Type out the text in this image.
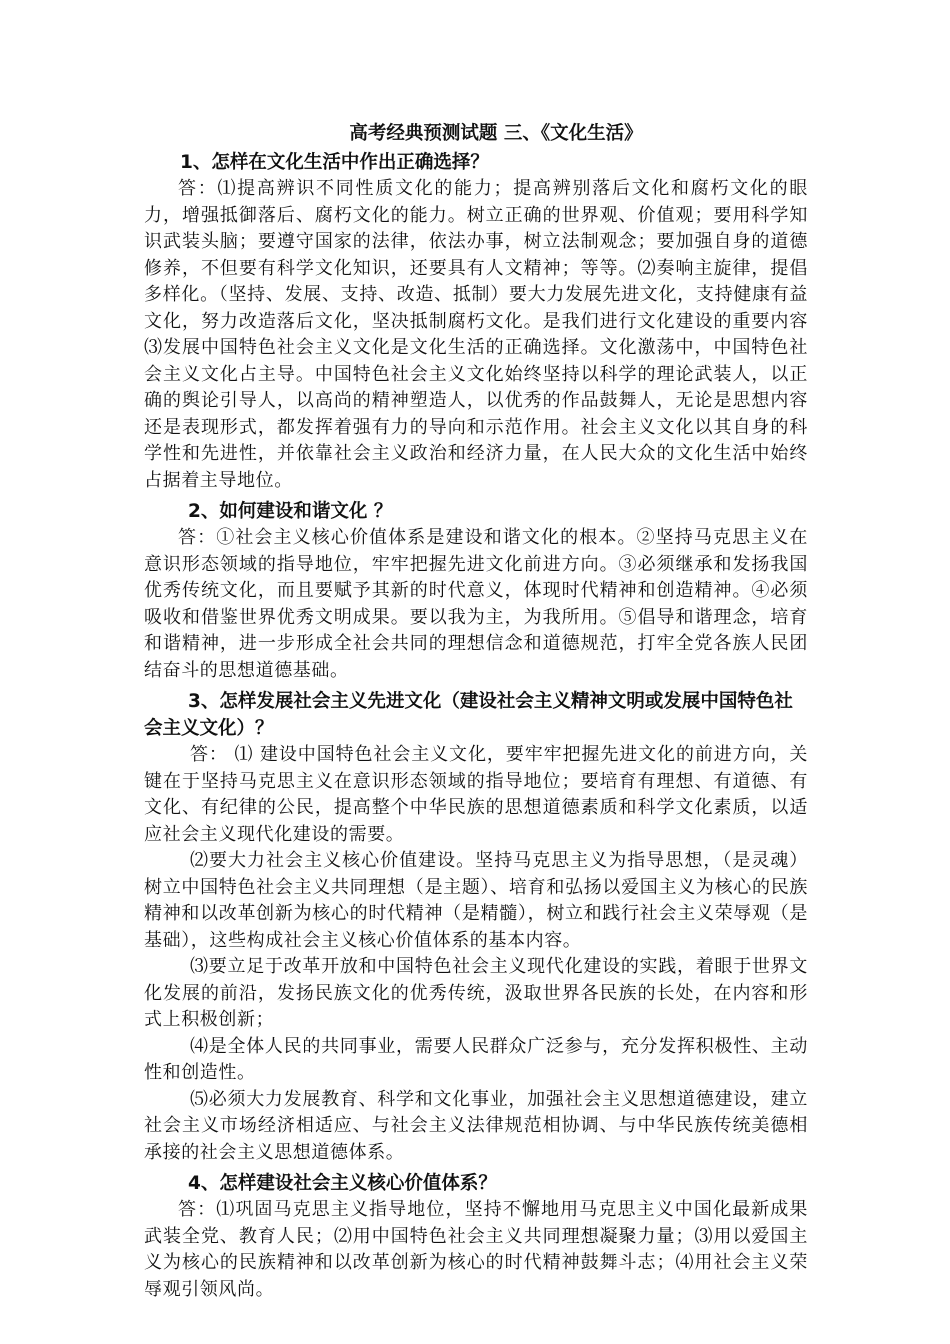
高考经典预测试题 三、《文化生活》
1、怎样在文化生活中作出正确选择？

答：⑴提高辨识不同性质文化的能力；提高辨别落后文化和腐朽文化的眼力，增强抵御落后、腐朽文化的能力。树立正确的世界观、价值观；要用科学知识武装头脑；要遵守国家的法律，依法办事，树立法制观念；要加强自身的道德修养，不但要有科学文化知识，还要具有人文精神；等等。⑵奏响主旋律，提倡多样化。（坚持、发展、支持、改造、抵制）要大力发展先进文化，支持健康有益文化，努力改造落后文化，坚决抵制腐朽文化。是我们进行文化建设的重要内容⑶发展中国特色社会主义文化是文化生活的正确选择。文化激荡中，中国特色社会主义文化占主导。中国特色社会主义文化始终坚持以科学的理论武装人，以正确的舆论引导人，以高尚的精神塑造人，以优秀的作品鼓舞人，无论是思想内容还是表现形式，都发挥着强有力的导向和示范作用。社会主义文化以其自身的科学性和先进性，并依靠社会主义政治和经济力量，在人民大众的文化生活中始终占据着主导地位。

2、如何建设和谐文化 ？

答：①社会主义核心价值体系是建设和谐文化的根本。②坚持马克思主义在意识形态领域的指导地位，牢牢把握先进文化前进方向。③必须继承和发扬我国优秀传统文化，而且要赋予其新的时代意义，体现时代精神和创造精神。④必须吸收和借鉴世界优秀文明成果。要以我为主，为我所用。⑤倡导和谐理念，培育和谐精神，进一步形成全社会共同的理想信念和道德规范，打牢全党各族人民团结奋斗的思想道德基础。

3、怎样发展社会主义先进文化（建设社会主义精神文明或发展中国特色社会主义文化）？

答： ⑴ 建设中国特色社会主义文化，要牢牢把握先进文化的前进方向，关键在于坚持马克思主义在意识形态领域的指导地位；要培育有理想、有道德、有文化、有纪律的公民，提高整个中华民族的思想道德素质和科学文化素质，以适应社会主义现代化建设的需要。

⑵要大力社会主义核心价值建设。坚持马克思主义为指导思想，（是灵魂）树立中国特色社会主义共同理想（是主题）、培育和弘扬以爱国主义为核心的民族精神和以改革创新为核心的时代精神（是精髓），树立和践行社会主义荣辱观（是基础），这些构成社会主义核心价值体系的基本内容。

⑶要立足于改革开放和中国特色社会主义现代化建设的实践，着眼于世界文化发展的前沿，发扬民族文化的优秀传统，汲取世界各民族的长处，在内容和形式上积极创新；

⑷是全体人民的共同事业，需要人民群众广泛参与，充分发挥积极性、主动性和创造性。

⑸必须大力发展教育、科学和文化事业，加强社会主义思想道德建设，建立社会主义市场经济相适应、与社会主义法律规范相协调、与中华民族传统美德相承接的社会主义思想道德体系。

4、怎样建设社会主义核心价值体系？

答：⑴巩固马克思主义指导地位，坚持不懈地用马克思主义中国化最新成果武装全党、教育人民；⑵用中国特色社会主义共同理想凝聚力量；⑶用以爱国主义为核心的民族精神和以改革创新为核心的时代精神鼓舞斗志；⑷用社会主义荣辱观引领风尚。
